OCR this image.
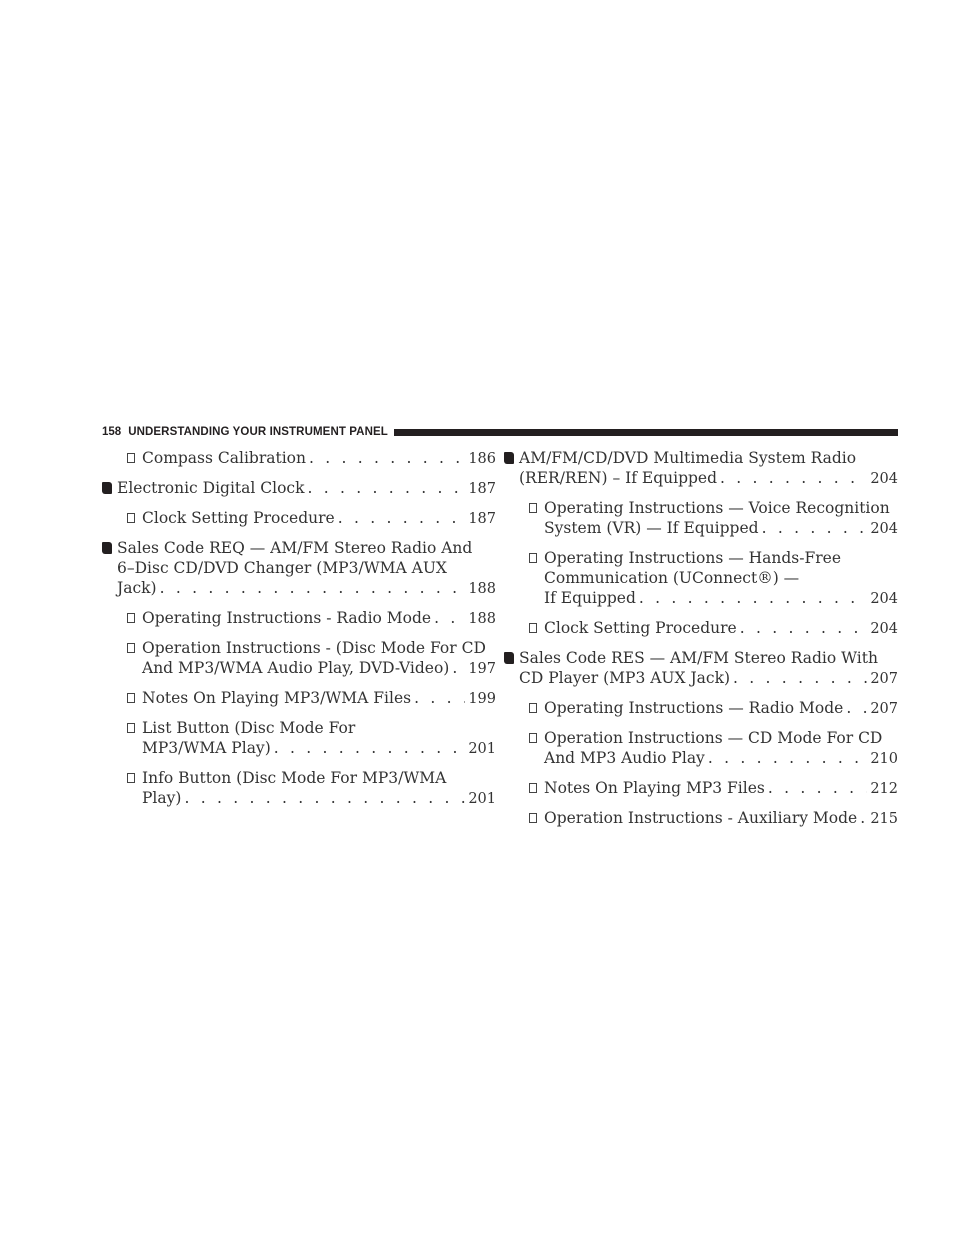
158 UNDERSTANDING YOUR INSTRUMENT PANEL
Compass Calibration . . .	186
Electronic Digital Clock . . .	187
Clock Setting Procedure . . .	187
Sales Code REQ — AM/FM Stereo Radio And
6–Disc CD/DVD Changer (MP3/WMA AUX
Jack) . . .	188
Operating Instructions - Radio Mode . . .	188
Operation Instructions - (Disc Mode For CD
And MP3/WMA Audio Play, DVD-Video) . . . 197
Notes On Playing MP3/WMA Files . . .	199
List Button (Disc Mode For
MP3/WMA Play) . . .	201
Info Button (Disc Mode For MP3/WMA
Play) . . .	201
AM/FM/CD/DVD Multimedia System Radio
(RER/REN) – If Equipped . . .	204
Operating Instructions — Voice Recognition
System (VR) — If Equipped . . .	204
Operating Instructions — Hands-Free
Communication (UConnect®) —
If Equipped . . .	204
Clock Setting Procedure . . .	204
Sales Code RES — AM/FM Stereo Radio With
CD Player (MP3 AUX Jack) . . .	207
Operating Instructions — Radio Mode . . . 207
Operation Instructions — CD Mode For CD
And MP3 Audio Play . . .	210
Notes On Playing MP3 Files . . .	212
Operation Instructions - Auxiliary Mode . . . 215
